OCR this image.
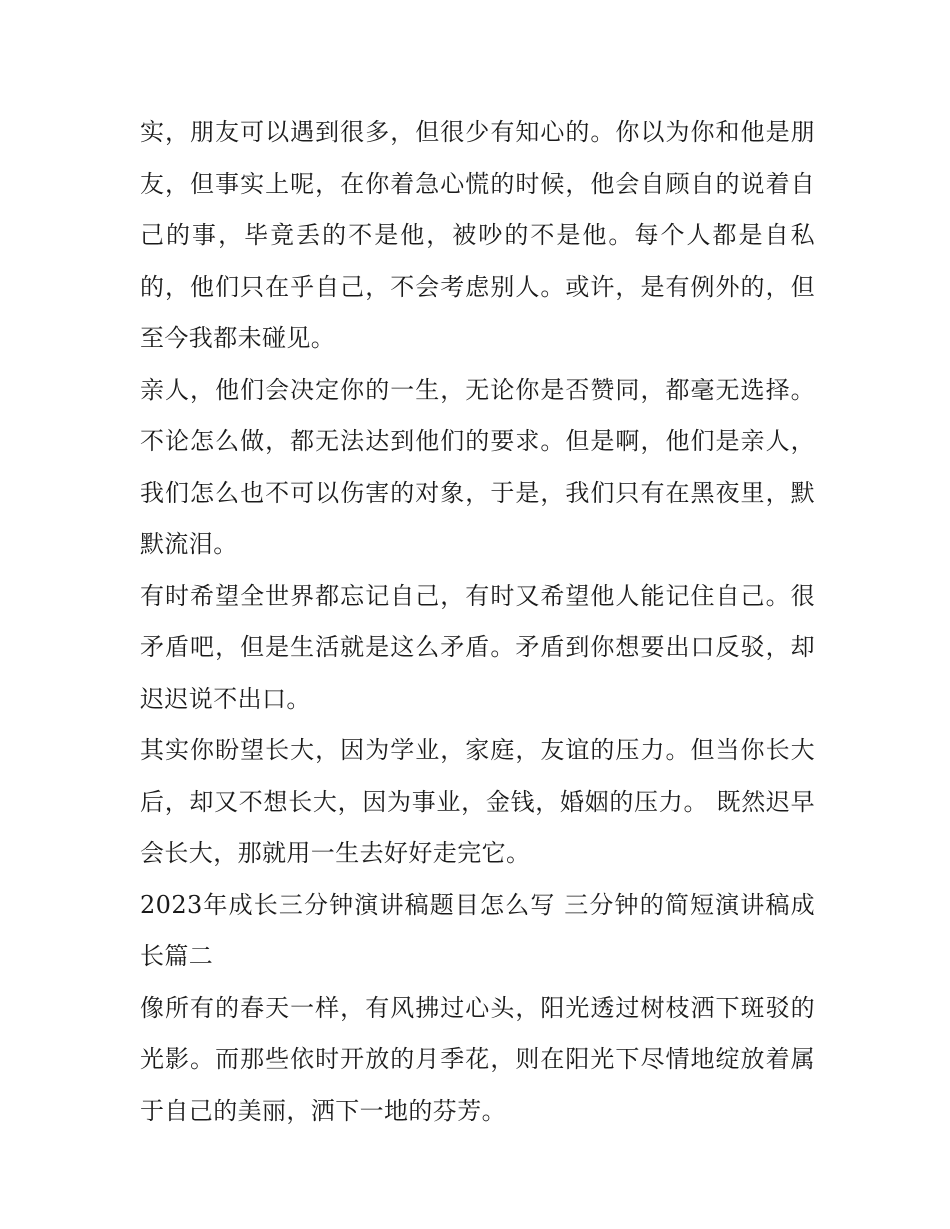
实，朋友可以遇到很多，但很少有知心的。你以为你和他是朋友，但事实上呢，在你着急心慌的时候，他会自顾自的说着自己的事，毕竟丢的不是他，被吵的不是他。每个人都是自私的，他们只在乎自己，不会考虑别人。或许，是有例外的，但至今我都未碰见。

亲人，他们会决定你的一生，无论你是否赞同，都毫无选择。不论怎么做，都无法达到他们的要求。但是啊，他们是亲人，我们怎么也不可以伤害的对象，于是，我们只有在黑夜里，默默流泪。

有时希望全世界都忘记自己，有时又希望他人能记住自己。很矛盾吧，但是生活就是这么矛盾。矛盾到你想要出口反驳，却迟迟说不出口。

其实你盼望长大，因为学业，家庭，友谊的压力。但当你长大后，却又不想长大，因为事业，金钱，婚姻的压力。 既然迟早会长大，那就用一生去好好走完它。

2023年成长三分钟演讲稿题目怎么写 三分钟的简短演讲稿成长篇二

像所有的春天一样，有风拂过心头，阳光透过树枝洒下斑驳的光影。而那些依时开放的月季花，则在阳光下尽情地绽放着属于自己的美丽，洒下一地的芬芳。
